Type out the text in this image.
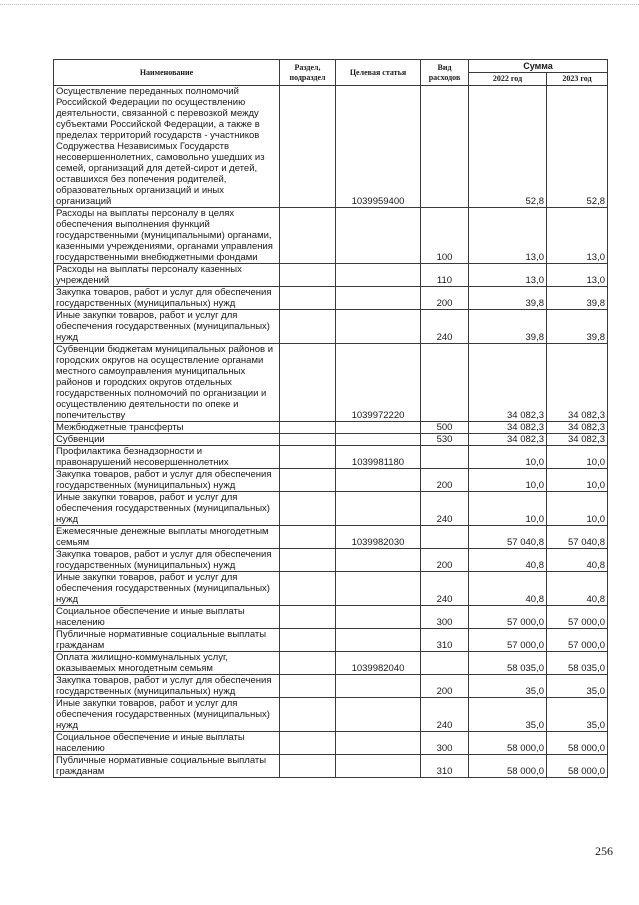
Наименование	Раздел, подраздел	Целевая статья	Вид расходов	Сумма	
				2022 год	2023 год
Осуществление переданных полномочий Российской Федерации по осуществлению деятельности, связанной с перевозкой между субъектами Российской Федерации, а также в пределах территорий государств - участников Содружества Независимых Государств несовершеннолетних, самовольно ушедших из семей, организаций для детей-сирот и детей, оставшихся без попечения родителей, образовательных организаций и иных организаций		1039959400		52,8	52,8
Расходы на выплаты персоналу в целях обеспечения выполнения функций государственными (муниципальными) органами, казенными учреждениями, органами управления государственными внебюджетными фондами			100	13,0	13,0
Расходы на выплаты персоналу казенных учреждений			110	13,0	13,0
Закупка товаров, работ и услуг для обеспечения государственных (муниципальных) нужд			200	39,8	39,8
Иные закупки товаров, работ и услуг для обеспечения государственных (муниципальных) нужд			240	39,8	39,8
Субвенции бюджетам муниципальных районов и городских округов на осуществление органами местного самоуправления муниципальных районов и городских округов отдельных государственных полномочий по организации и осуществлению деятельности по опеке и попечительству		1039972220		34 082,3	34 082,3
Межбюджетные трансферты			500	34 082,3	34 082,3
Субвенции			530	34 082,3	34 082,3
Профилактика безнадзорности и правонарушений несовершеннолетних		1039981180		10,0	10,0
Закупка товаров, работ и услуг для обеспечения государственных (муниципальных) нужд			200	10,0	10,0
Иные закупки товаров, работ и услуг для обеспечения государственных (муниципальных) нужд			240	10,0	10,0
Ежемесячные денежные выплаты многодетным семьям		1039982030		57 040,8	57 040,8
Закупка товаров, работ и услуг для обеспечения государственных (муниципальных) нужд			200	40,8	40,8
Иные закупки товаров, работ и услуг для обеспечения государственных (муниципальных) нужд			240	40,8	40,8
Социальное обеспечение и иные выплаты населению			300	57 000,0	57 000,0
Публичные нормативные социальные выплаты гражданам			310	57 000,0	57 000,0
Оплата жилищно-коммунальных услуг, оказываемых многодетным семьям		1039982040		58 035,0	58 035,0
Закупка товаров, работ и услуг для обеспечения государственных (муниципальных) нужд			200	35,0	35,0
Иные закупки товаров, работ и услуг для обеспечения государственных (муниципальных) нужд			240	35,0	35,0
Социальное обеспечение и иные выплаты населению			300	58 000,0	58 000,0
Публичные нормативные социальные выплаты гражданам			310	58 000,0	58 000,0
256
